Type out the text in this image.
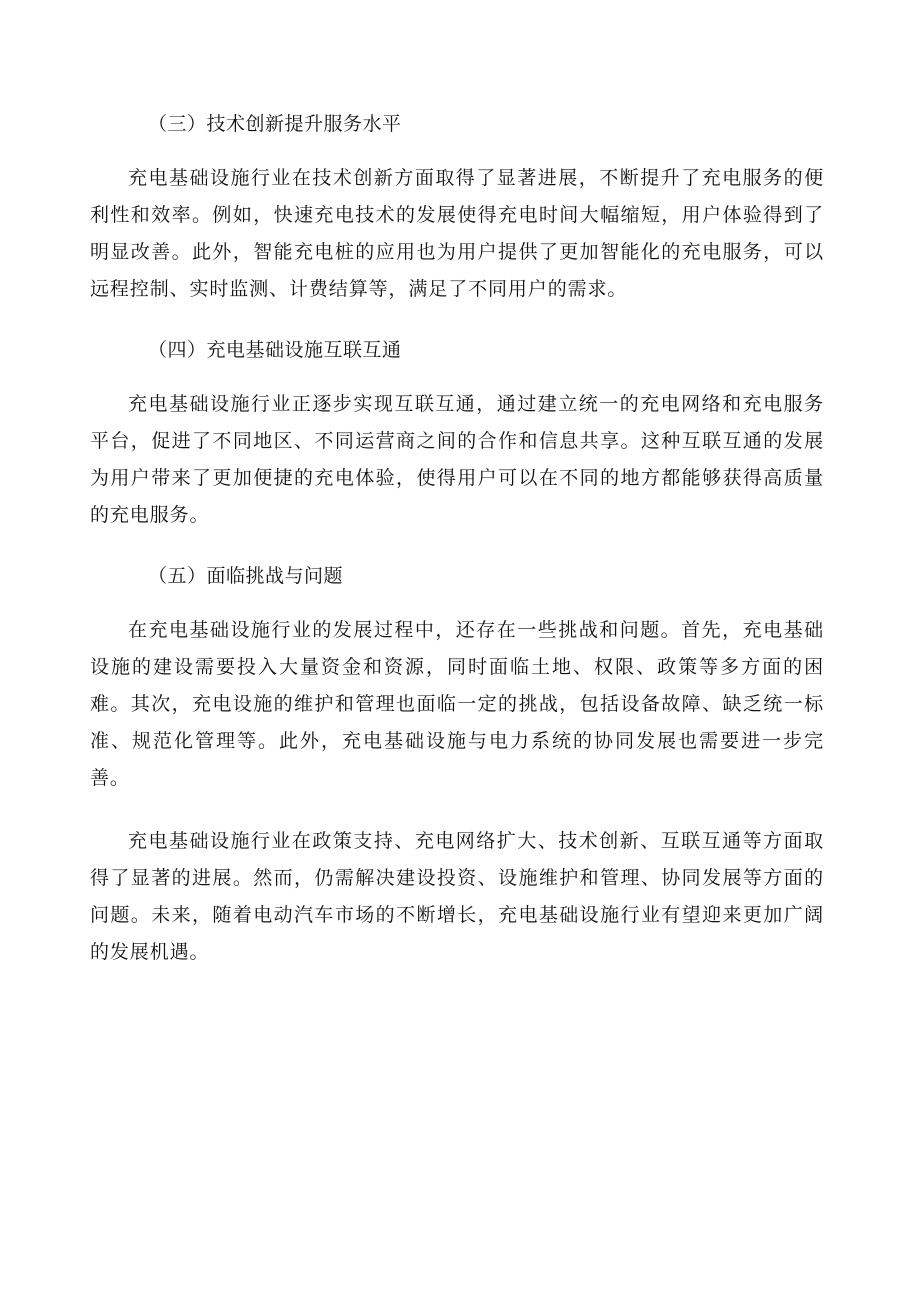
（三）技术创新提升服务水平

充电基础设施行业在技术创新方面取得了显著进展，不断提升了充电服务的便利性和效率。例如，快速充电技术的发展使得充电时间大幅缩短，用户体验得到了明显改善。此外，智能充电桩的应用也为用户提供了更加智能化的充电服务，可以远程控制、实时监测、计费结算等，满足了不同用户的需求。

（四）充电基础设施互联互通

充电基础设施行业正逐步实现互联互通，通过建立统一的充电网络和充电服务平台，促进了不同地区、不同运营商之间的合作和信息共享。这种互联互通的发展为用户带来了更加便捷的充电体验，使得用户可以在不同的地方都能够获得高质量的充电服务。

（五）面临挑战与问题

在充电基础设施行业的发展过程中，还存在一些挑战和问题。首先，充电基础设施的建设需要投入大量资金和资源，同时面临土地、权限、政策等多方面的困难。其次，充电设施的维护和管理也面临一定的挑战，包括设备故障、缺乏统一标准、规范化管理等。此外，充电基础设施与电力系统的协同发展也需要进一步完善。

充电基础设施行业在政策支持、充电网络扩大、技术创新、互联互通等方面取得了显著的进展。然而，仍需解决建设投资、设施维护和管理、协同发展等方面的问题。未来，随着电动汽车市场的不断增长，充电基础设施行业有望迎来更加广阔的发展机遇。
